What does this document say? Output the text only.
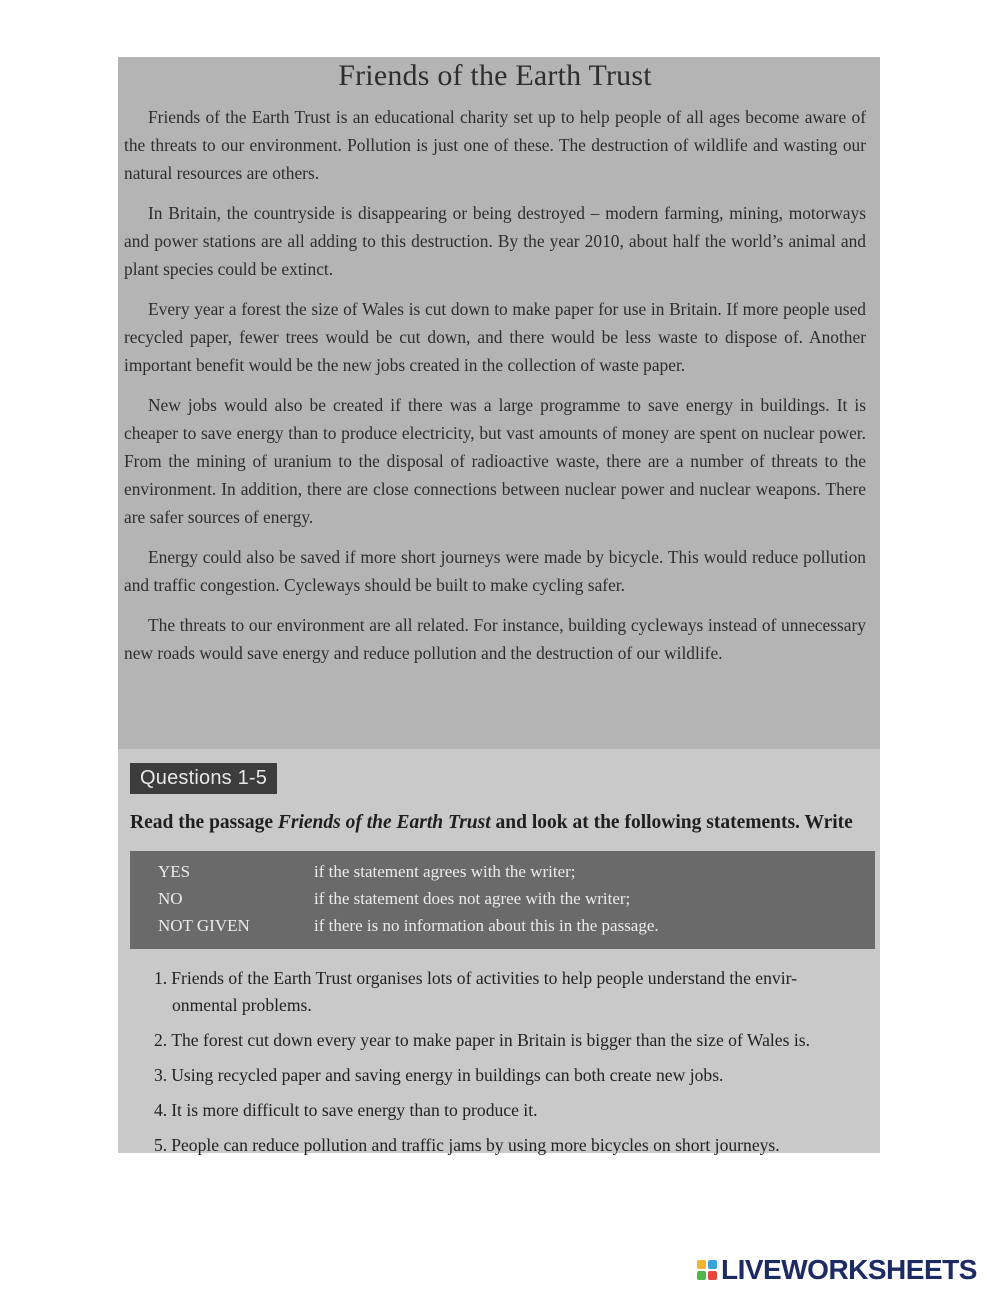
Friends of the Earth Trust

Friends of the Earth Trust is an educational charity set up to help people of all ages become aware of the threats to our environment. Pollution is just one of these. The destruction of wildlife and wasting our natural resources are others.

In Britain, the countryside is disappearing or being destroyed – modern farming, mining, motorways and power stations are all adding to this destruction. By the year 2010, about half the world’s animal and plant species could be extinct.

Every year a forest the size of Wales is cut down to make paper for use in Britain. If more people used recycled paper, fewer trees would be cut down, and there would be less waste to dispose of. Another important benefit would be the new jobs created in the collection of waste paper.

New jobs would also be created if there was a large programme to save energy in buildings. It is cheaper to save energy than to produce electricity, but vast amounts of money are spent on nuclear power. From the mining of uranium to the disposal of radioactive waste, there are a number of threats to the environment. In addition, there are close connections between nuclear power and nuclear weapons. There are safer sources of energy.

Energy could also be saved if more short journeys were made by bicycle. This would reduce pollution and traffic congestion. Cycleways should be built to make cycling safer.

The threats to our environment are all related. For instance, building cycleways instead of unnecessary new roads would save energy and reduce pollution and the destruction of our wildlife.

Questions 1-5
Read the passage Friends of the Earth Trust and look at the following statements. Write
YES	if the statement agrees with the writer;
NO	if the statement does not agree with the writer;
NOT GIVEN	if there is no information about this in the passage.
1. Friends of the Earth Trust organises lots of activities to help people understand the envir-
onmental problems.
2. The forest cut down every year to make paper in Britain is bigger than the size of Wales is.
3. Using recycled paper and saving energy in buildings can both create new jobs.
4. It is more difficult to save energy than to produce it.
5. People can reduce pollution and traffic jams by using more bicycles on short journeys.
LIVEWORKSHEETS
